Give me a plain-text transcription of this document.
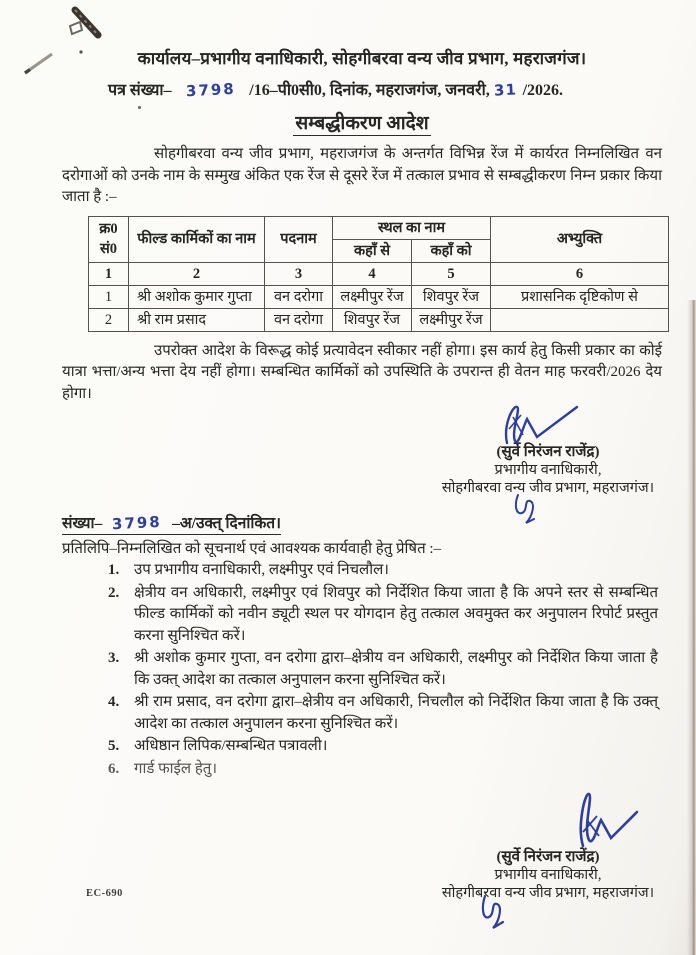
कार्यालय–प्रभागीय वनाधिकारी, सोहगीबरवा वन्य जीव प्रभाग, महराजगंज।
पत्र संख्या– 3798 /16–पी0सी0, दिनांक, महराजगंज, जनवरी, 31 /2026.
सम्बद्धीकरण आदेश
सोहगीबरवा वन्य जीव प्रभाग, महराजगंज के अन्तर्गत विभिन्न रेंज में कार्यरत निम्नलिखित वन दरोगाओं को उनके नाम के सम्मुख अंकित एक रेंज से दूसरे रेंज में तत्काल प्रभाव से सम्बद्धीकरण निम्न प्रकार किया जाता है :–
क्र0
सं0	फील्ड कार्मिकों का नाम	पदनाम	स्थल का नाम		अभ्युक्ति
			कहाँ से	कहाँ को	
1	2	3	4	5	6
1	श्री अशोक कुमार गुप्ता	वन दरोगा	लक्ष्मीपुर रेंज	शिवपुर रेंज	प्रशासनिक दृष्टिकोण से
2	श्री राम प्रसाद	वन दरोगा	शिवपुर रेंज	लक्ष्मीपुर रेंज	
उपरोक्त आदेश के विरूद्ध कोई प्रत्यावेदन स्वीकार नहीं होगा। इस कार्य हेतु किसी प्रकार का कोई यात्रा भत्ता/अन्य भत्ता देय नहीं होगा। सम्बन्धित कार्मिकों को उपस्थिति के उपरान्त ही वेतन माह फरवरी/2026 देय होगा।
(सुर्वे निरंजन राजेंद्र)
प्रभागीय वनाधिकारी,
सोहगीबरवा वन्य जीव प्रभाग, महराजगंज।
संख्या– 3798 –अ/उक्त् दिनांकित।
प्रतिलिपि–निम्नलिखित को सूचनार्थ एवं आवश्यक कार्यवाही हेतु प्रेषित :–
1. उप प्रभागीय वनाधिकारी, लक्ष्मीपुर एवं निचलौल।
2. क्षेत्रीय वन अधिकारी, लक्ष्मीपुर एवं शिवपुर को निर्देशित किया जाता है कि अपने स्तर से सम्बन्धित फील्ड कार्मिकों को नवीन ड्यूटी स्थल पर योगदान हेतु तत्काल अवमुक्त कर अनुपालन रिपोर्ट प्रस्तुत करना सुनिश्चित करें।
3. श्री अशोक कुमार गुप्ता, वन दरोगा द्वारा–क्षेत्रीय वन अधिकारी, लक्ष्मीपुर को निर्देशित किया जाता है कि उक्त् आदेश का तत्काल अनुपालन करना सुनिश्चित करें।
4. श्री राम प्रसाद, वन दरोगा द्वारा–क्षेत्रीय वन अधिकारी, निचलौल को निर्देशित किया जाता है कि उक्त् आदेश का तत्काल अनुपालन करना सुनिश्चित करें।
5. अधिष्ठान लिपिक/सम्बन्धित पत्रावली।
6. गार्ड फाईल हेतु।
(सुर्वे निरंजन राजेंद्र)
प्रभागीय वनाधिकारी,
सोहगीबरवा वन्य जीव प्रभाग, महराजगंज।
EC-690
